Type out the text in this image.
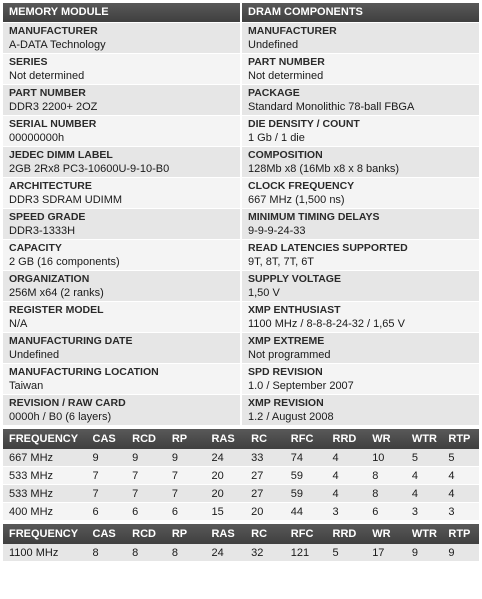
MEMORY MODULE
MANUFACTURER
A-DATA Technology
SERIES
Not determined
PART NUMBER
DDR3 2200+ 2OZ
SERIAL NUMBER
00000000h
JEDEC DIMM LABEL
2GB 2Rx8 PC3-10600U-9-10-B0
ARCHITECTURE
DDR3 SDRAM UDIMM
SPEED GRADE
DDR3-1333H
CAPACITY
2 GB (16 components)
ORGANIZATION
256M x64 (2 ranks)
REGISTER MODEL
N/A
MANUFACTURING DATE
Undefined
MANUFACTURING LOCATION
Taiwan
REVISION / RAW CARD
0000h / B0 (6 layers)
DRAM COMPONENTS
MANUFACTURER
Undefined
PART NUMBER
Not determined
PACKAGE
Standard Monolithic 78-ball FBGA
DIE DENSITY / COUNT
1 Gb / 1 die
COMPOSITION
128Mb x8 (16Mb x8 x 8 banks)
CLOCK FREQUENCY
667 MHz (1,500 ns)
MINIMUM TIMING DELAYS
9-9-9-24-33
READ LATENCIES SUPPORTED
9T, 8T, 7T, 6T
SUPPLY VOLTAGE
1,50 V
XMP ENTHUSIAST
1100 MHz / 8-8-8-24-32 / 1,65 V
XMP EXTREME
Not programmed
SPD REVISION
1.0 / September 2007
XMP REVISION
1.2 / August 2008
FREQUENCY	CAS	RCD	RP	RAS	RC	RFC	RRD	WR	WTR	RTP
667 MHz	9	9	9	24	33	74	4	10	5	5
533 MHz	7	7	7	20	27	59	4	8	4	4
533 MHz	7	7	7	20	27	59	4	8	4	4
400 MHz	6	6	6	15	20	44	3	6	3	3
FREQUENCY	CAS	RCD	RP	RAS	RC	RFC	RRD	WR	WTR	RTP
1100 MHz	8	8	8	24	32	121	5	17	9	9
